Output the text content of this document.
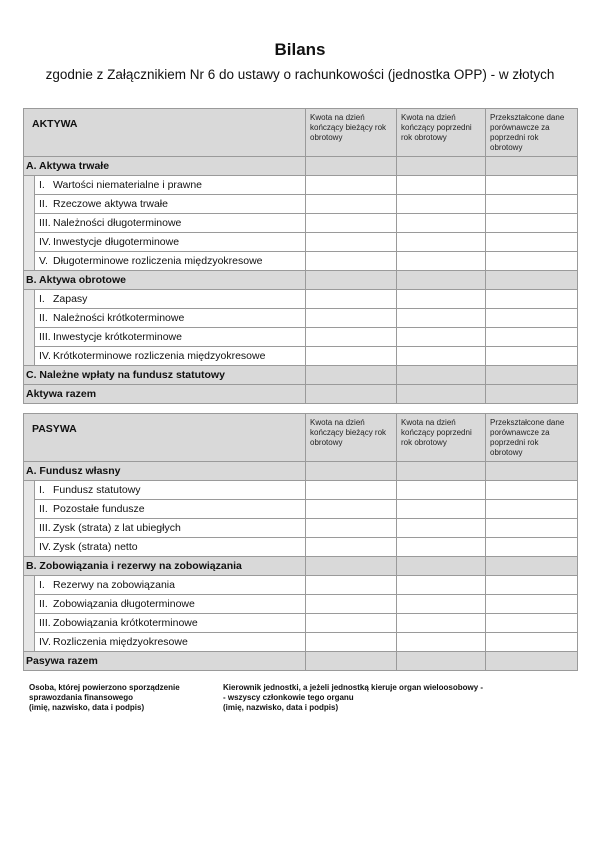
Bilans
zgodnie z Załącznikiem Nr 6 do ustawy o rachunkowości (jednostka OPP) - w złotych
AKTYWA		Kwota na dzień kończący bieżący rok obrotowy	Kwota na dzień kończący poprzedni rok obrotowy	Przekształcone dane porównawcze za poprzedni rok obrotowy
A. Aktywa trwałe				
	I. Wartości niematerialne i prawne			
	II. Rzeczowe aktywa trwałe			
	III. Należności długoterminowe			
	IV. Inwestycje długoterminowe			
	V. Długoterminowe rozliczenia międzyokresowe			
B. Aktywa obrotowe				
	I. Zapasy			
	II. Należności krótkoterminowe			
	III. Inwestycje krótkoterminowe			
	IV. Krótkoterminowe rozliczenia międzyokresowe			
C. Należne wpłaty na fundusz statutowy				
Aktywa razem				
PASYWA		Kwota na dzień kończący bieżący rok obrotowy	Kwota na dzień kończący poprzedni rok obrotowy	Przekształcone dane porównawcze za poprzedni rok obrotowy
A. Fundusz własny				
	I. Fundusz statutowy			
	II. Pozostałe fundusze			
	III. Zysk (strata) z lat ubiegłych			
	IV. Zysk (strata) netto			
B. Zobowiązania i rezerwy na zobowiązania				
	I. Rezerwy na zobowiązania			
	II. Zobowiązania długoterminowe			
	III. Zobowiązania krótkoterminowe			
	IV. Rozliczenia międzyokresowe			
Pasywa razem				
Osoba, której powierzono sporządzenie
sprawozdania finansowego
(imię, nazwisko, data i podpis)
Kierownik jednostki, a jeżeli jednostką kieruje organ wieloosobowy -
- wszyscy członkowie tego organu
(imię, nazwisko, data i podpis)
